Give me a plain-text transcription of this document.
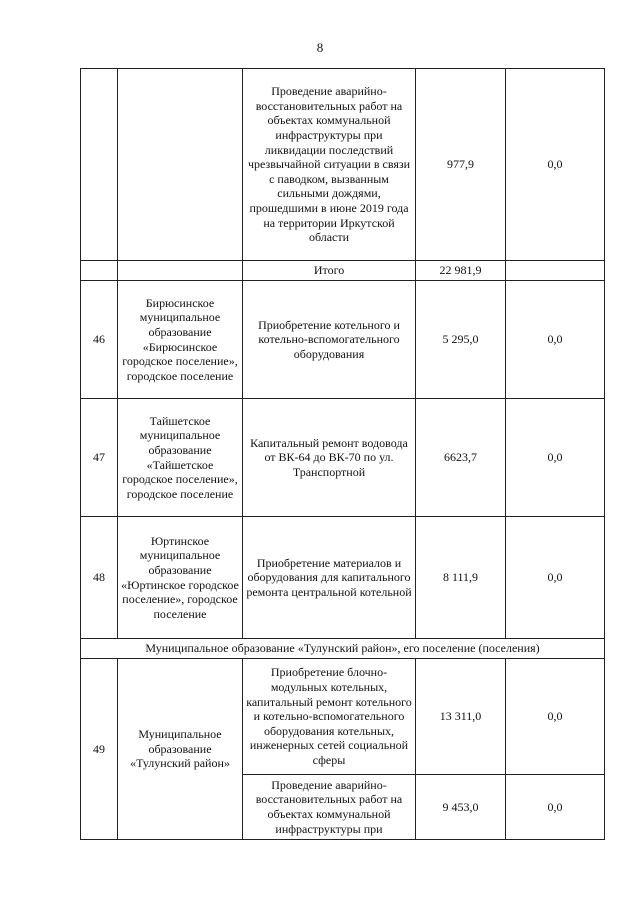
8

		Проведение аварийно-восстановительных работ на объектах коммунальной инфраструктуры при ликвидации последствий чрезвычайной ситуации в связи с паводком, вызванным сильными дождями, прошедшими в июне 2019 года на территории Иркутской области	977,9	0,0
		Итого	22 981,9	
46	Бирюсинское муниципальное образование «Бирюсинское городское поселение», городское поселение	Приобретение котельного и котельно-вспомогательного оборудования	5 295,0	0,0
47	Тайшетское муниципальное образование «Тайшетское городское поселение», городское поселение	Капитальный ремонт водовода от ВК-64 до ВК-70 по ул. Транспортной	6623,7	0,0
48	Юртинское муниципальное образование «Юртинское городское поселение», городское поселение	Приобретение материалов и оборудования для капитального ремонта центральной котельной	8 111,9	0,0
Муниципальное образование «Тулунский район», его поселение (поселения)				
49	Муниципальное образование «Тулунский район»	Приобретение блочно-модульных котельных, капитальный ремонт котельного и котельно-вспомогательного оборудования котельных, инженерных сетей социальной сферы	13 311,0	0,0

		Проведение аварийно-восстановительных работ на объектах коммунальной инфраструктуры при	9 453,0	0,0
